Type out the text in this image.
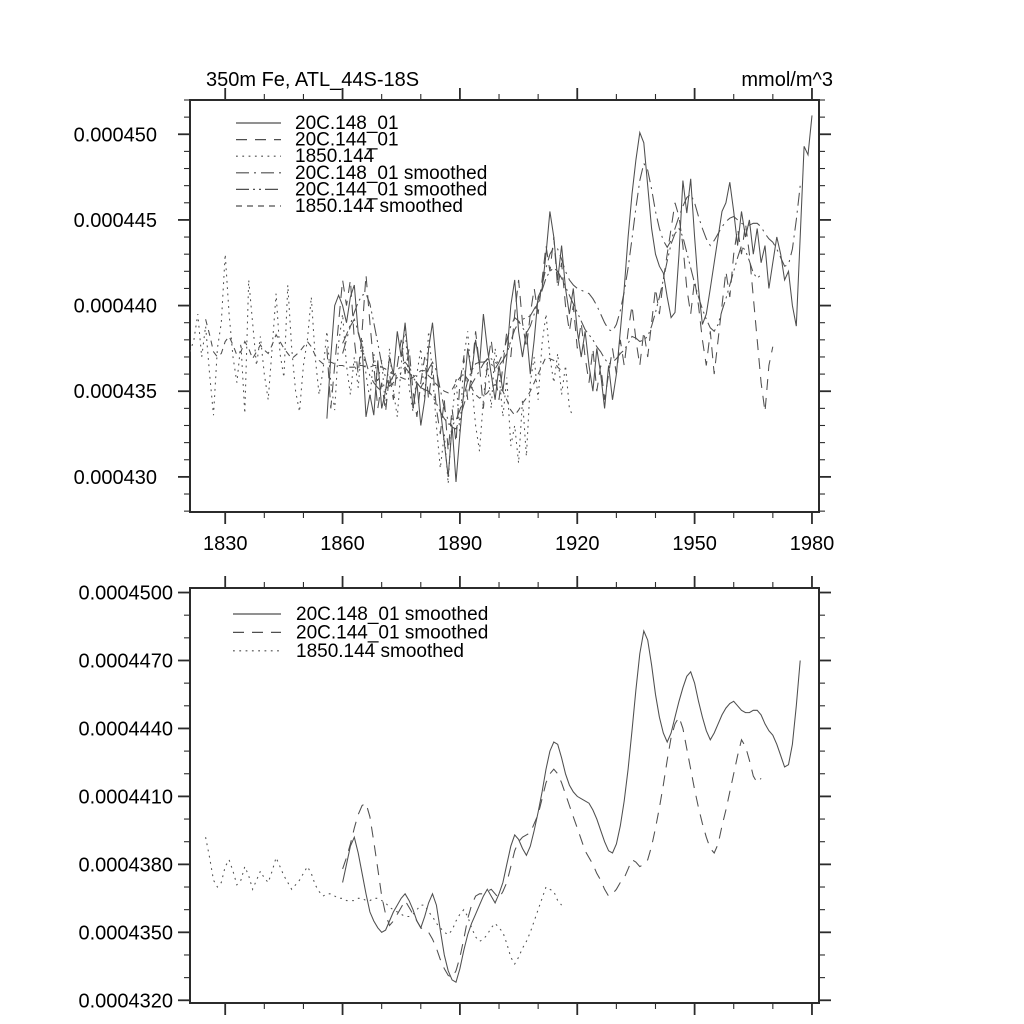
0.000430
0.000435
0.000440
0.000445
0.000450
1830	1860	1890	1920	1950	1980
350m Fe, ATL_44S-18S	mmol/m^3
20C.148_01
20C.144_01
1850.144
20C.148_01 smoothed
20C.144_01 smoothed
1850.144 smoothed
0.0004320
0.0004350
0.0004380
0.0004410
0.0004440
0.0004470
0.0004500
20C.148_01 smoothed
20C.144_01 smoothed
1850.144 smoothed
